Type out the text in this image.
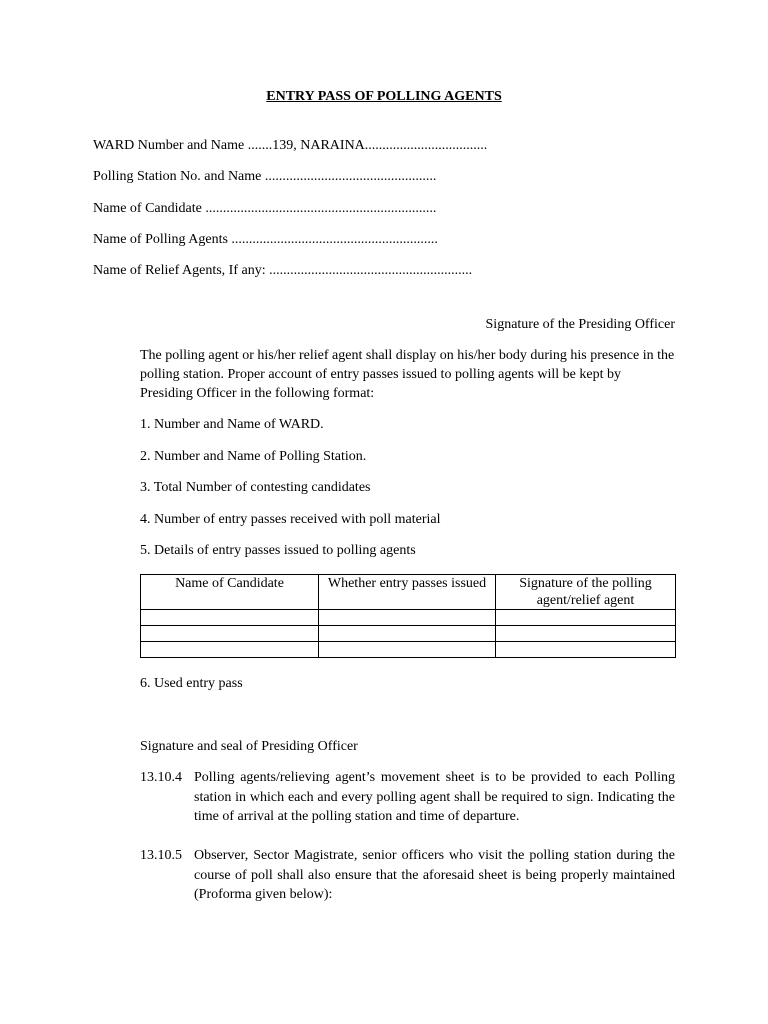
ENTRY PASS OF POLLING AGENTS
WARD Number and Name .......139, NARAINA...................................
Polling Station No. and Name .................................................
Name of Candidate ..................................................................
Name of Polling Agents ...........................................................
Name of Relief Agents, If any: ..........................................................
Signature of the Presiding Officer
The polling agent or his/her relief agent shall display on his/her body during his presence in the polling station. Proper account of entry passes issued to polling agents will be kept by Presiding Officer in the following format:
1. Number and Name of WARD.
2. Number and Name of Polling Station.
3. Total Number of contesting candidates
4. Number of entry passes received with poll material
5. Details of entry passes issued to polling agents
Name of Candidate	Whether entry passes issued	Signature of the polling agent/relief agent

6. Used entry pass
Signature and seal of Presiding Officer
13.10.4 Polling agents/relieving agent’s movement sheet is to be provided to each Polling station in which each and every polling agent shall be required to sign. Indicating the time of arrival at the polling station and time of departure.
13.10.5 Observer, Sector Magistrate, senior officers who visit the polling station during the course of poll shall also ensure that the aforesaid sheet is being properly maintained (Proforma given below):
